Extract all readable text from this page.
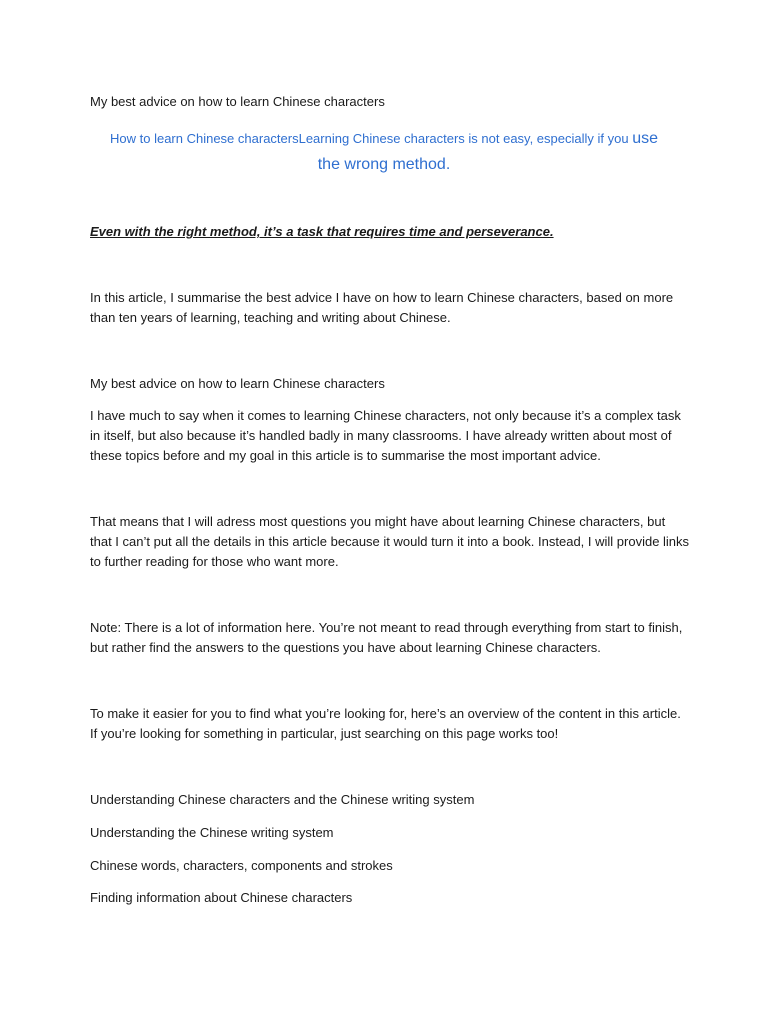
My best advice on how to learn Chinese characters

How to learn Chinese charactersLearning Chinese characters is not easy, especially if you use the wrong method.

Even with the right method, it’s a task that requires time and perseverance.

In this article, I summarise the best advice I have on how to learn Chinese characters, based on more than ten years of learning, teaching and writing about Chinese.

My best advice on how to learn Chinese characters

I have much to say when it comes to learning Chinese characters, not only because it’s a complex task in itself, but also because it’s handled badly in many classrooms. I have already written about most of these topics before and my goal in this article is to summarise the most important advice.

That means that I will adress most questions you might have about learning Chinese characters, but that I can’t put all the details in this article because it would turn it into a book. Instead, I will provide links to further reading for those who want more.

Note: There is a lot of information here. You’re not meant to read through everything from start to finish, but rather find the answers to the questions you have about learning Chinese characters.

To make it easier for you to find what you’re looking for, here’s an overview of the content in this article. If you’re looking for something in particular, just searching on this page works too!

Understanding Chinese characters and the Chinese writing system

Understanding the Chinese writing system

Chinese words, characters, components and strokes

Finding information about Chinese characters
